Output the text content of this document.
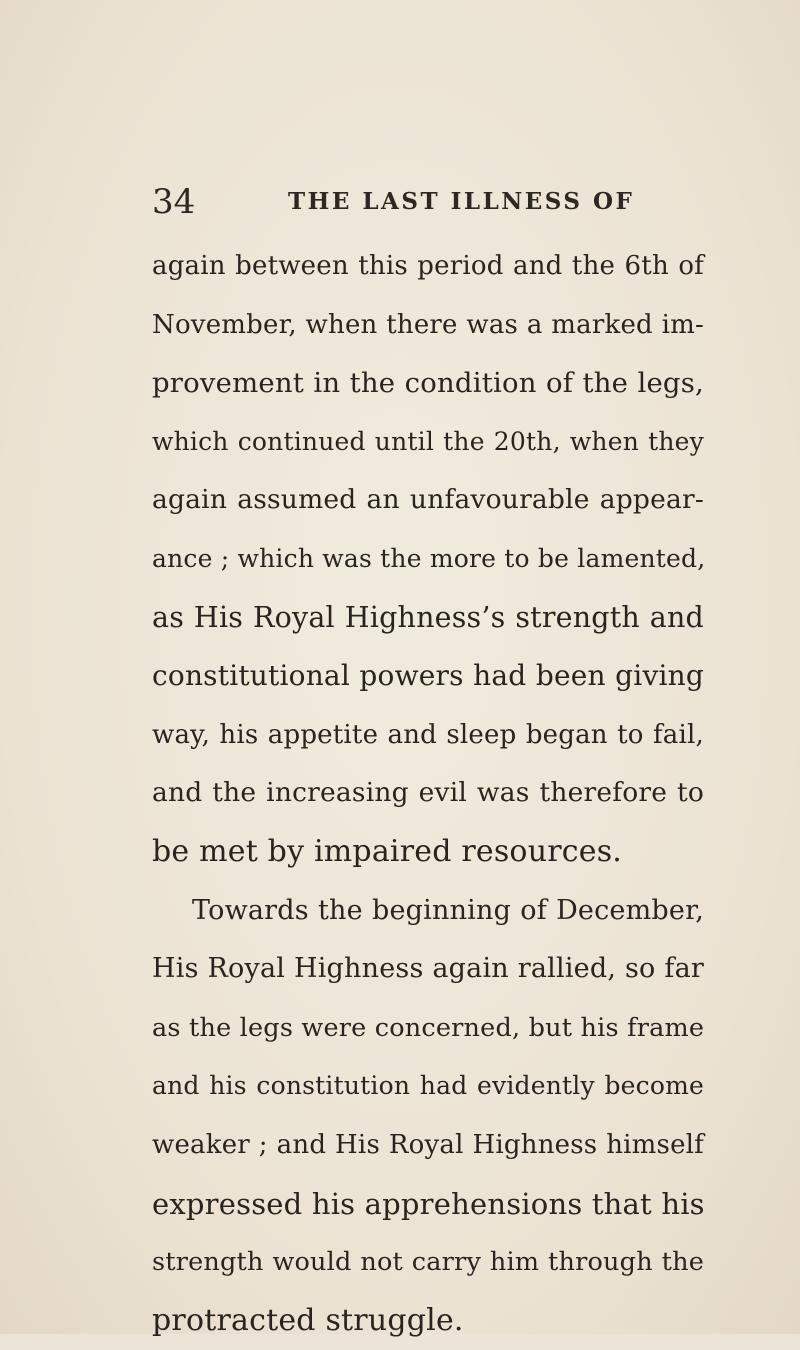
34	THE LAST ILLNESS OF
again between this period and the 6th of
November, when there was a marked im-
provement in the condition of the legs,
which continued until the 20th, when they
again assumed an unfavourable appear-
ance ; which was the more to be lamented,
as His Royal Highness’s strength and
constitutional powers had been giving
way, his appetite and sleep began to fail,
and the increasing evil was therefore to
be met by impaired resources.
Towards the beginning of December,
His Royal Highness again rallied, so far
as the legs were concerned, but his frame
and his constitution had evidently become
weaker ; and His Royal Highness himself
expressed his apprehensions that his
strength would not carry him through the
protracted struggle.
